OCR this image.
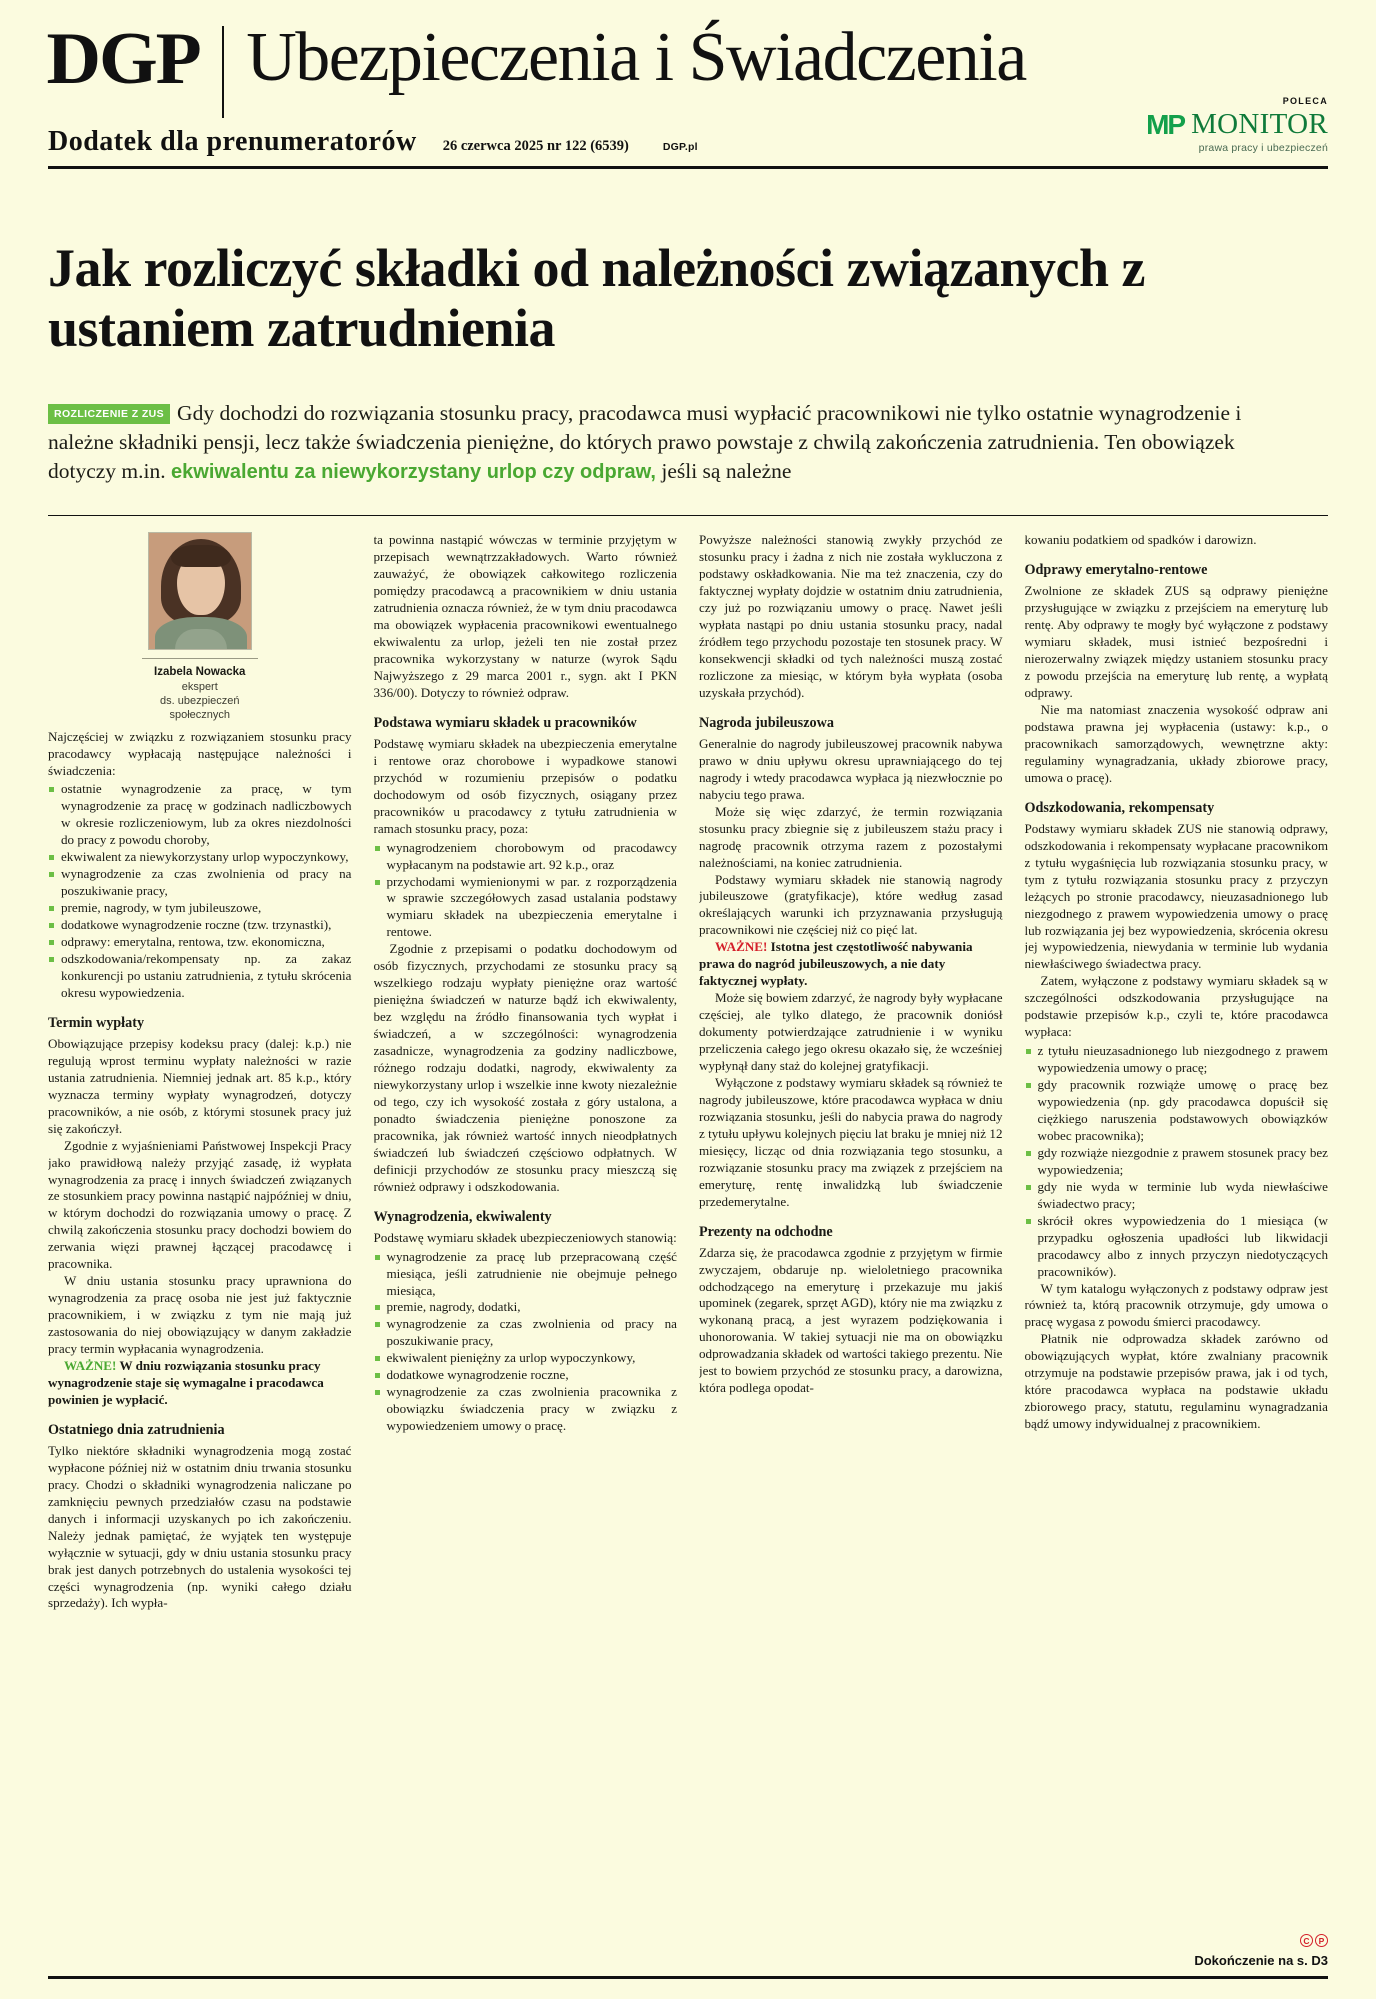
DGP Ubezpieczenia i Świadczenia
POLECA
MP MONITOR
prawa pracy i ubezpieczeń
Dodatek dla prenumeratorów 26 czerwca 2025 nr 122 (6539)	DGP.pl
Jak rozliczyć składki od należności związanych z ustaniem zatrudnienia
ROZLICZENIE Z ZUS Gdy dochodzi do rozwiązania stosunku pracy, pracodawca musi wypłacić pracownikowi nie tylko ostatnie wynagrodzenie i należne składniki pensji, lecz także świadczenia pieniężne, do których prawo powstaje z chwilą zakończenia zatrudnienia. Ten obowiązek dotyczy m.in. ekwiwalentu za niewykorzystany urlop czy odpraw, jeśli są należne
Izabela Nowacka
ekspert
ds. ubezpieczeń
społecznych

Najczęściej w związku z rozwiązaniem stosunku pracy pracodawcy wypłacają następujące należności i świadczenia:

ostatnie wynagrodzenie za pracę, w tym wynagrodzenie za pracę w godzinach nadliczbowych w okresie rozliczeniowym, lub za okres niezdolności do pracy z powodu choroby,
ekwiwalent za niewykorzystany urlop wypoczynkowy,
wynagrodzenie za czas zwolnienia od pracy na poszukiwanie pracy,
premie, nagrody, w tym jubileuszowe,
dodatkowe wynagrodzenie roczne (tzw. trzynastki),
odprawy: emerytalna, rentowa, tzw. ekonomiczna,
odszkodowania/rekompensaty np. za zakaz konkurencji po ustaniu zatrudnienia, z tytułu skrócenia okresu wypowiedzenia.
Termin wypłaty

Obowiązujące przepisy kodeksu pracy (dalej: k.p.) nie regulują wprost terminu wypłaty należności w razie ustania zatrudnienia. Niemniej jednak art. 85 k.p., który wyznacza terminy wypłaty wynagrodzeń, dotyczy pracowników, a nie osób, z którymi stosunek pracy już się zakończył.

Zgodnie z wyjaśnieniami Państwowej Inspekcji Pracy jako prawidłową należy przyjąć zasadę, iż wypłata wynagrodzenia za pracę i innych świadczeń związanych ze stosunkiem pracy powinna nastąpić najpóźniej w dniu, w którym dochodzi do rozwiązania umowy o pracę. Z chwilą zakończenia stosunku pracy dochodzi bowiem do zerwania więzi prawnej łączącej pracodawcę i pracownika.

W dniu ustania stosunku pracy uprawniona do wynagrodzenia za pracę osoba nie jest już faktycznie pracownikiem, i w związku z tym nie mają już zastosowania do niej obowiązujący w danym zakładzie pracy termin wypłacania wynagrodzenia.

WAŻNE! W dniu rozwiązania stosunku pracy wynagrodzenie staje się wymagalne i pracodawca powinien je wypłacić.

Ostatniego dnia zatrudnienia

Tylko niektóre składniki wynagrodzenia mogą zostać wypłacone później niż w ostatnim dniu trwania stosunku pracy. Chodzi o składniki wynagrodzenia naliczane po zamknięciu pewnych przedziałów czasu na podstawie danych i informacji uzyskanych po ich zakończeniu. Należy jednak pamiętać, że wyjątek ten występuje wyłącznie w sytuacji, gdy w dniu ustania stosunku pracy brak jest danych potrzebnych do ustalenia wysokości tej części wynagrodzenia (np. wyniki całego działu sprzedaży). Ich wypła-

ta powinna nastąpić wówczas w terminie przyjętym w przepisach wewnątrzzakładowych. Warto również zauważyć, że obowiązek całkowitego rozliczenia pomiędzy pracodawcą a pracownikiem w dniu ustania zatrudnienia oznacza również, że w tym dniu pracodawca ma obowiązek wypłacenia pracownikowi ewentualnego ekwiwalentu za urlop, jeżeli ten nie został przez pracownika wykorzystany w naturze (wyrok Sądu Najwyższego z 29 marca 2001 r., sygn. akt I PKN 336/00). Dotyczy to również odpraw.

Podstawa wymiaru składek u pracowników

Podstawę wymiaru składek na ubezpieczenia emerytalne i rentowe oraz chorobowe i wypadkowe stanowi przychód w rozumieniu przepisów o podatku dochodowym od osób fizycznych, osiągany przez pracowników u pracodawcy z tytułu zatrudnienia w ramach stosunku pracy, poza:

wynagrodzeniem chorobowym od pracodawcy wypłacanym na podstawie art. 92 k.p., oraz
przychodami wymienionymi w par. z rozporządzenia w sprawie szczegółowych zasad ustalania podstawy wymiaru składek na ubezpieczenia emerytalne i rentowe.

Zgodnie z przepisami o podatku dochodowym od osób fizycznych, przychodami ze stosunku pracy są wszelkiego rodzaju wypłaty pieniężne oraz wartość pieniężna świadczeń w naturze bądź ich ekwiwalenty, bez względu na źródło finansowania tych wypłat i świadczeń, a w szczególności: wynagrodzenia zasadnicze, wynagrodzenia za godziny nadliczbowe, różnego rodzaju dodatki, nagrody, ekwiwalenty za niewykorzystany urlop i wszelkie inne kwoty niezależnie od tego, czy ich wysokość została z góry ustalona, a ponadto świadczenia pieniężne ponoszone za pracownika, jak również wartość innych nieodpłatnych świadczeń lub świadczeń częściowo odpłatnych. W definicji przychodów ze stosunku pracy mieszczą się również odprawy i odszkodowania.

Wynagrodzenia, ekwiwalenty

Podstawę wymiaru składek ubezpieczeniowych stanowią:

wynagrodzenie za pracę lub przepracowaną część miesiąca, jeśli zatrudnienie nie obejmuje pełnego miesiąca,
premie, nagrody, dodatki,
wynagrodzenie za czas zwolnienia od pracy na poszukiwanie pracy,
ekwiwalent pieniężny za urlop wypoczynkowy,
dodatkowe wynagrodzenie roczne,
wynagrodzenie za czas zwolnienia pracownika z obowiązku świadczenia pracy w związku z wypowiedzeniem umowy o pracę.

Powyższe należności stanowią zwykły przychód ze stosunku pracy i żadna z nich nie została wykluczona z podstawy oskładkowania. Nie ma też znaczenia, czy do faktycznej wypłaty dojdzie w ostatnim dniu zatrudnienia, czy już po rozwiązaniu umowy o pracę. Nawet jeśli wypłata nastąpi po dniu ustania stosunku pracy, nadal źródłem tego przychodu pozostaje ten stosunek pracy. W konsekwencji składki od tych należności muszą zostać rozliczone za miesiąc, w którym była wypłata (osoba uzyskała przychód).

Nagroda jubileuszowa

Generalnie do nagrody jubileuszowej pracownik nabywa prawo w dniu upływu okresu uprawniającego do tej nagrody i wtedy pracodawca wypłaca ją niezwłocznie po nabyciu tego prawa.

Może się więc zdarzyć, że termin rozwiązania stosunku pracy zbiegnie się z jubileuszem stażu pracy i nagrodę pracownik otrzyma razem z pozostałymi należnościami, na koniec zatrudnienia.

Podstawy wymiaru składek nie stanowią nagrody jubileuszowe (gratyfikacje), które według zasad określających warunki ich przyznawania przysługują pracownikowi nie częściej niż co pięć lat.

WAŻNE! Istotna jest częstotliwość nabywania prawa do nagród jubileuszowych, a nie daty faktycznej wypłaty.

Może się bowiem zdarzyć, że nagrody były wypłacane częściej, ale tylko dlatego, że pracownik doniósł dokumenty potwierdzające zatrudnienie i w wyniku przeliczenia całego jego okresu okazało się, że wcześniej wypłynął dany staż do kolejnej gratyfikacji.

Wyłączone z podstawy wymiaru składek są również te nagrody jubileuszowe, które pracodawca wypłaca w dniu rozwiązania stosunku, jeśli do nabycia prawa do nagrody z tytułu upływu kolejnych pięciu lat braku je mniej niż 12 miesięcy, licząc od dnia rozwiązania tego stosunku, a rozwiązanie stosunku pracy ma związek z przejściem na emeryturę, rentę inwalidzką lub świadczenie przedemerytalne.

Prezenty na odchodne

Zdarza się, że pracodawca zgodnie z przyjętym w firmie zwyczajem, obdaruje np. wieloletniego pracownika odchodzącego na emeryturę i przekazuje mu jakiś upominek (zegarek, sprzęt AGD), który nie ma związku z wykonaną pracą, a jest wyrazem podziękowania i uhonorowania. W takiej sytuacji nie ma on obowiązku odprowadzania składek od wartości takiego prezentu. Nie jest to bowiem przychód ze stosunku pracy, a darowizna, która podlega opodat-

kowaniu podatkiem od spadków i darowizn.

Odprawy emerytalno-rentowe

Zwolnione ze składek ZUS są odprawy pieniężne przysługujące w związku z przejściem na emeryturę lub rentę. Aby odprawy te mogły być wyłączone z podstawy wymiaru składek, musi istnieć bezpośredni i nierozerwalny związek między ustaniem stosunku pracy z powodu przejścia na emeryturę lub rentę, a wypłatą odprawy.

Nie ma natomiast znaczenia wysokość odpraw ani podstawa prawna jej wypłacenia (ustawy: k.p., o pracownikach samorządowych, wewnętrzne akty: regulaminy wynagradzania, układy zbiorowe pracy, umowa o pracę).

Odszkodowania, rekompensaty

Podstawy wymiaru składek ZUS nie stanowią odprawy, odszkodowania i rekompensaty wypłacane pracownikom z tytułu wygaśnięcia lub rozwiązania stosunku pracy, w tym z tytułu rozwiązania stosunku pracy z przyczyn leżących po stronie pracodawcy, nieuzasadnionego lub niezgodnego z prawem wypowiedzenia umowy o pracę lub rozwiązania jej bez wypowiedzenia, skrócenia okresu jej wypowiedzenia, niewydania w terminie lub wydania niewłaściwego świadectwa pracy.

Zatem, wyłączone z podstawy wymiaru składek są w szczególności odszkodowania przysługujące na podstawie przepisów k.p., czyli te, które pracodawca wypłaca:

z tytułu nieuzasadnionego lub niezgodnego z prawem wypowiedzenia umowy o pracę;
gdy pracownik rozwiąże umowę o pracę bez wypowiedzenia (np. gdy pracodawca dopuścił się ciężkiego naruszenia podstawowych obowiązków wobec pracownika);
gdy rozwiąże niezgodnie z prawem stosunek pracy bez wypowiedzenia;
gdy nie wyda w terminie lub wyda niewłaściwe świadectwo pracy;
skrócił okres wypowiedzenia do 1 miesiąca (w przypadku ogłoszenia upadłości lub likwidacji pracodawcy albo z innych przyczyn niedotyczących pracowników).

W tym katalogu wyłączonych z podstawy odpraw jest również ta, którą pracownik otrzymuje, gdy umowa o pracę wygasa z powodu śmierci pracodawcy.

Płatnik nie odprowadza składek zarówno od obowiązujących wypłat, które zwalniany pracownik otrzymuje na podstawie przepisów prawa, jak i od tych, które pracodawca wypłaca na podstawie układu zbiorowego pracy, statutu, regulaminu wynagradzania bądź umowy indywidualnej z pracownikiem.

C P
Dokończenie na s. D3
